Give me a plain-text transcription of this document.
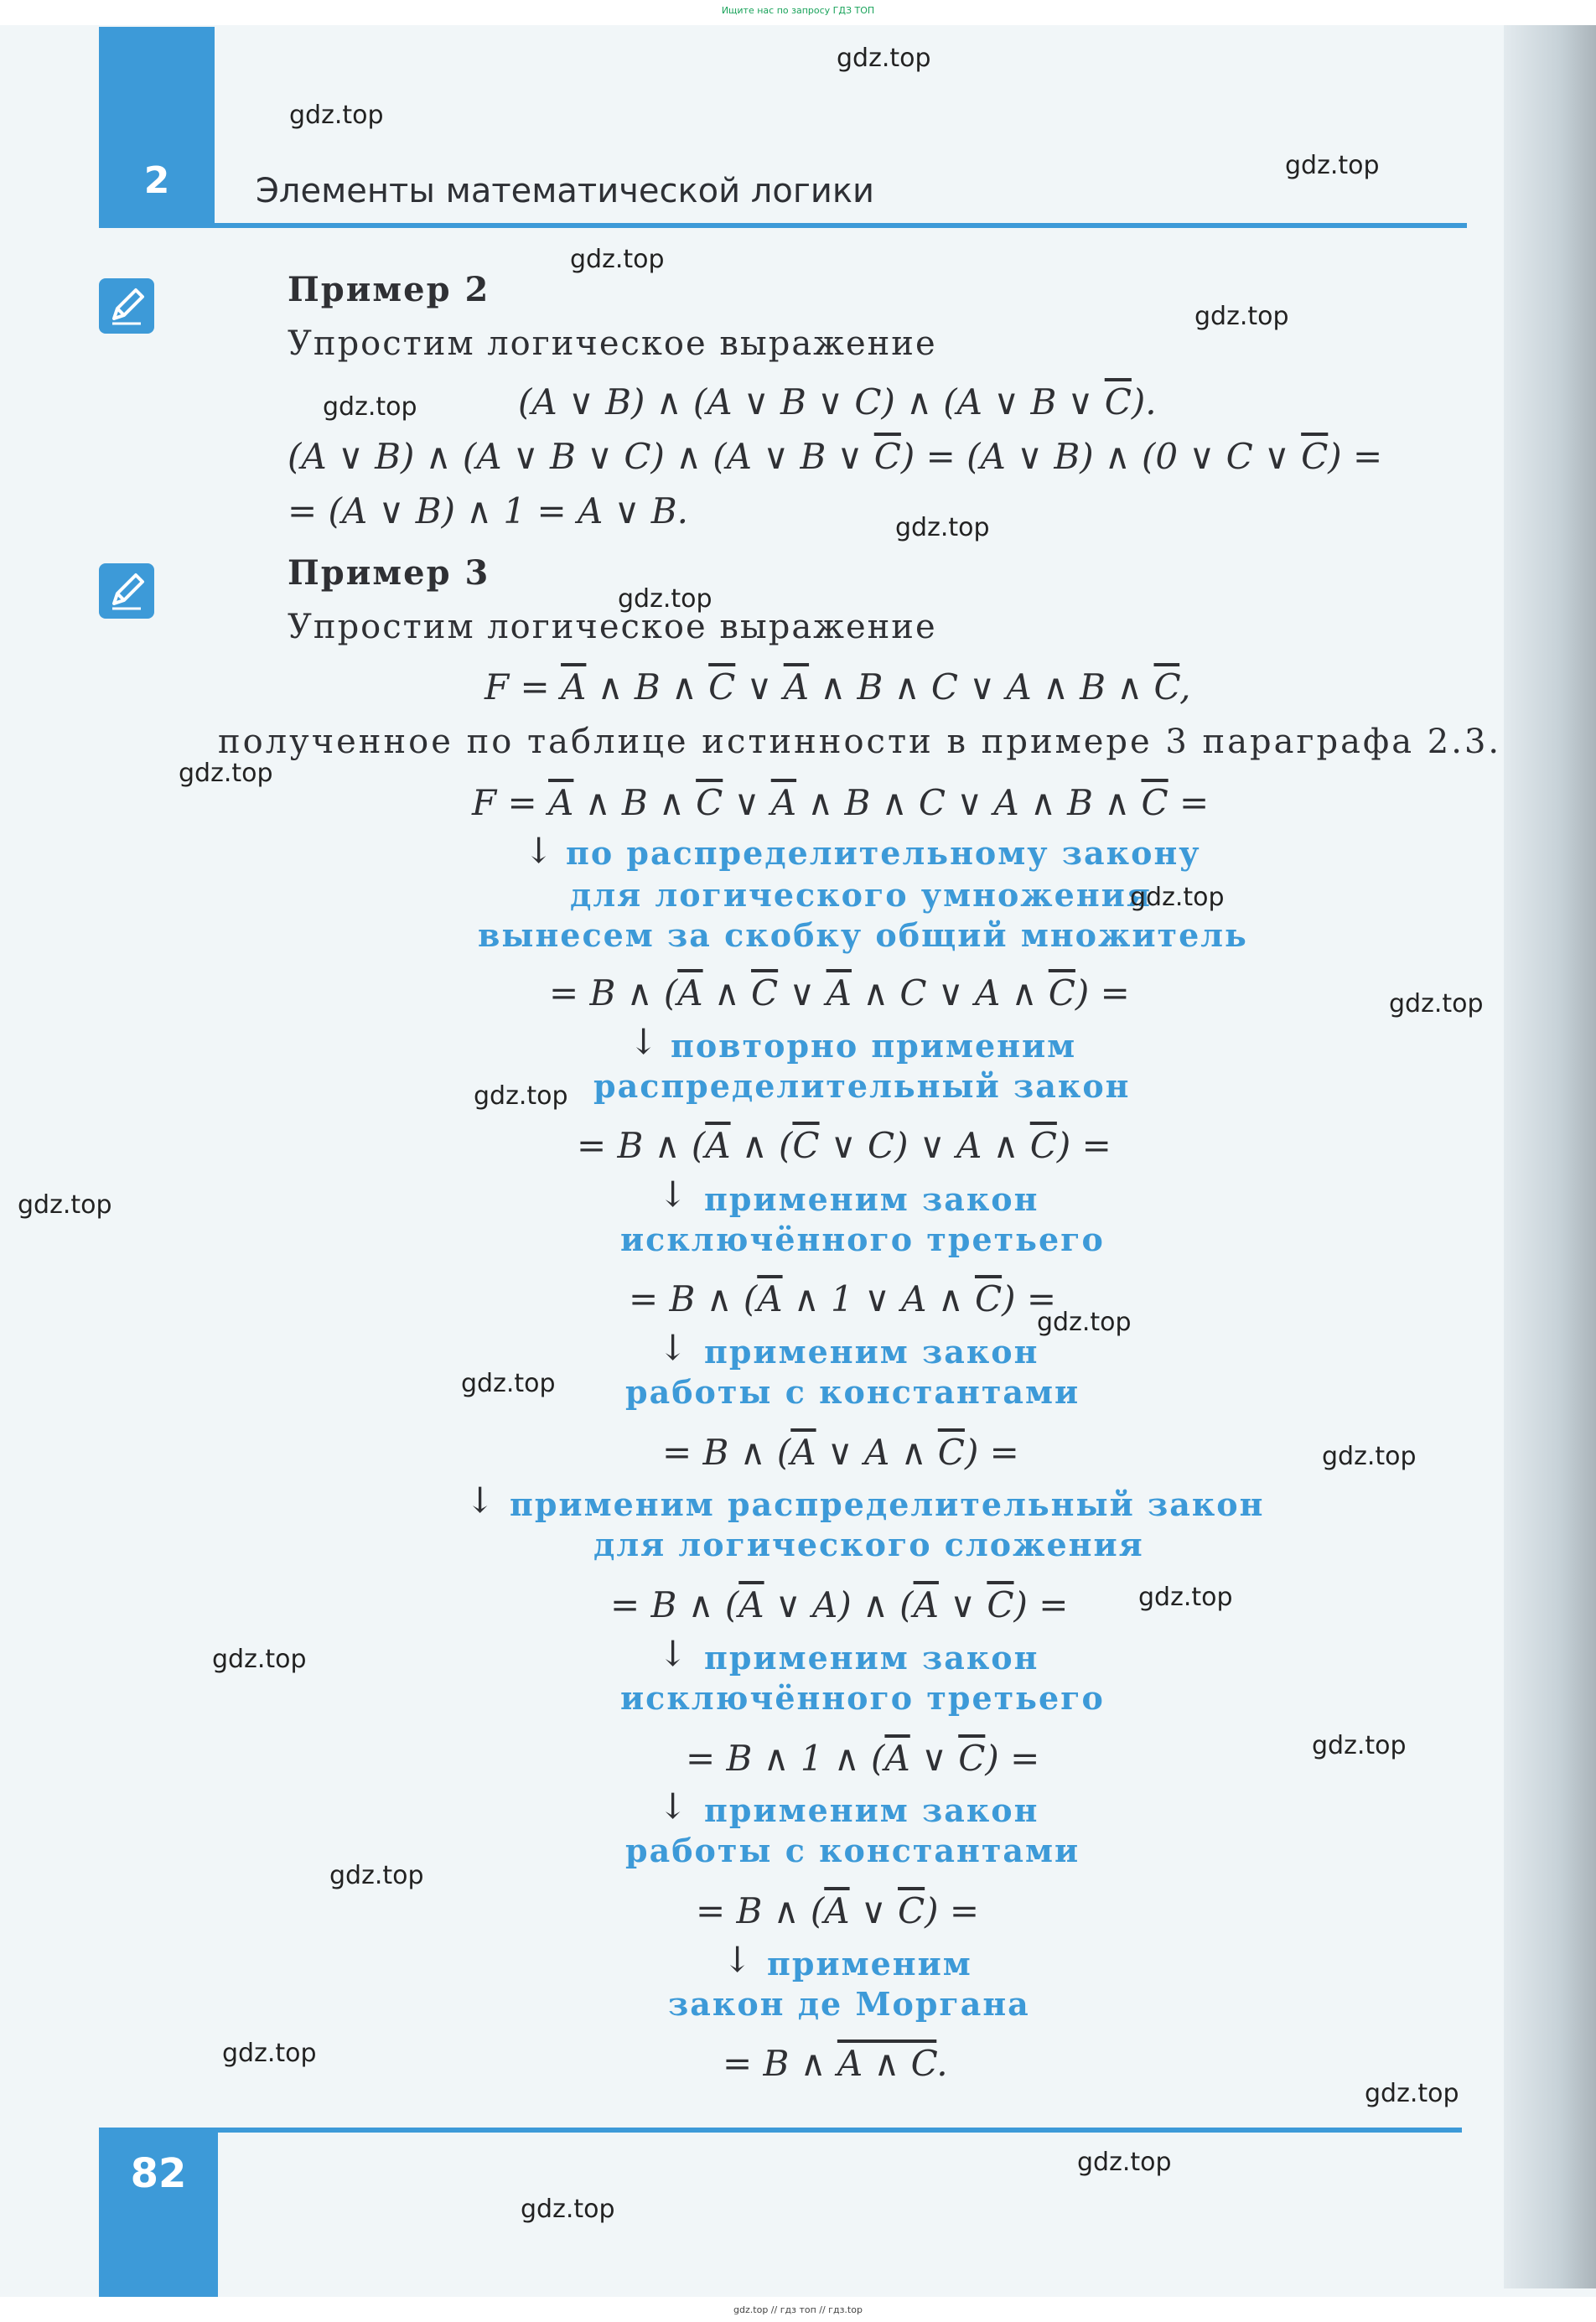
Ищите нас по запросу ГДЗ ТОП
2	Элементы математической логики
Пример 2
Упростим логическое выражение
(A ∨ B) ∧ (A ∨ B ∨ C) ∧ (A ∨ B ∨ $\overline{C}$).
(A ∨ B) ∧ (A ∨ B ∨ C) ∧ (A ∨ B ∨ $\overline{C}) = (A$ ∨ B) ∧ (0 ∨ C ∨ $\overline{C}$) =
= (A ∨ B) ∧ 1 = A ∨ B.
Пример 3
Упростим логическое выражение
$F = \overline{A}$ ∧ B ∧ $\overline{C}$ ∨ $\overline{A}$ ∧ B ∧ C ∨ A ∧ B ∧ $\overline{C}$,
полученное по таблице истинности в примере 3 параграфа 2.3.
$F = \overline{A}$ ∧ B ∧ $\overline{C}$ ∨ $\overline{A}$ ∧ B ∧ C ∨ A ∧ B ∧ $\overline{C}$ =
↓ по распределительному закону
для логического умножения
вынесем за скобку общий множитель
= B ∧ ($\overline{A}$ ∧ $\overline{C}$ ∨ $\overline{A}$ ∧ C ∨ A ∧ $\overline{C}$) =
↓ повторно применим
распределительный закон
= B ∧ ($\overline{A}$ ∧ ($\overline{C}$ ∨ C) ∨ A ∧ $\overline{C}$) =
↓ применим закон
исключённого третьего
= B ∧ ($\overline{A}$ ∧ 1 ∨ A ∧ $\overline{C}$) =
↓ применим закон
работы с константами
= B ∧ ($\overline{A}$ ∨ A ∧ $\overline{C}$) =
↓ применим распределительный закон
для логического сложения
= B ∧ ($\overline{A}$ ∨ A) ∧ ($\overline{A}$ ∨ $\overline{C}$) =
↓ применим закон
исключённого третьего
= B ∧ 1 ∧ ($\overline{A}$ ∨ $\overline{C}$) =
↓ применим закон
работы с константами
= B ∧ ($\overline{A}$ ∨ $\overline{C}$) =
↓ применим
закон де Моргана
= B ∧ A ∧ C.
82
gdz.top // гдз топ // гдз.top
gdz.top
gdz.top
gdz.top
gdz.top
gdz.top
gdz.top
gdz.top
gdz.top
gdz.top
gdz.top
gdz.top
gdz.top
gdz.top
gdz.top
gdz.top
gdz.top
gdz.top
gdz.top
gdz.top
gdz.top
gdz.top
gdz.top
gdz.top
gdz.top
